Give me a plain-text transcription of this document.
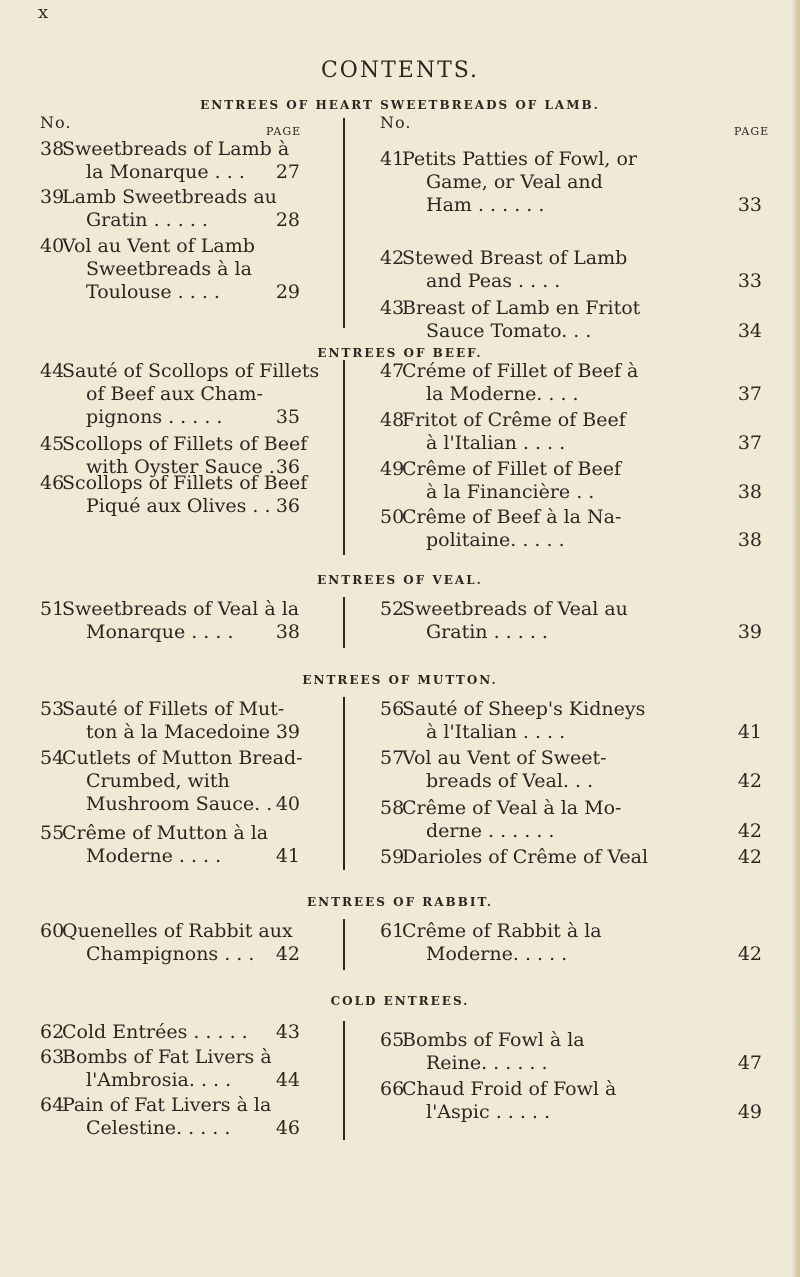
x
CONTENTS.
ENTREES OF HEART SWEETBREADS OF LAMB.
No.	PAGE	No.	PAGE
38
Sweetbreads of Lamb à
la Monarque . . .	27
39
Lamb Sweetbreads au
Gratin . . . . .	28
40
Vol au Vent of Lamb
Sweetbreads à la
Toulouse . . . .	29
41
Petits Patties of Fowl, or
Game, or Veal and
Ham . . . . . .	33
42
Stewed Breast of Lamb
and Peas . . . .	33
43
Breast of Lamb en Fritot
Sauce Tomato. . .	34
ENTREES OF BEEF.
44
Sauté of Scollops of Fillets
of Beef aux Cham-
pignons . . . . .	35
45
Scollops of Fillets of Beef
with Oyster Sauce . 36
46
Scollops of Fillets of Beef
Piqué aux Olives . . 36
47
Créme of Fillet of Beef à
la Moderne. . . .	37
48
Fritot of Crême of Beef
à l'Italian . . . .	37
49
Crême of Fillet of Beef
à la Financière . .	38
50
Crême of Beef à la Na-
politaine. . . . .	38
ENTREES OF VEAL.
51
Sweetbreads of Veal à la
Monarque . . . .	38
52
Sweetbreads of Veal au
Gratin . . . . .	39
ENTREES OF MUTTON.
53
Sauté of Fillets of Mut-
ton à la Macedoine .
39
54
Cutlets of Mutton Bread-
Crumbed, with
Mushroom Sauce. . 40
55
Crême of Mutton à la
Moderne . . . .	41
56
Sauté of Sheep's Kidneys
à l'Italian . . . .	41
57
Vol au Vent of Sweet-
breads of Veal. . .	42
58
Crême of Veal à la Mo-
derne . . . . . .	42
59
Darioles of Crême of Veal	42
ENTREES OF RABBIT.
60
Quenelles of Rabbit aux
Champignons . . .	42
61
Crême of Rabbit à la
Moderne. . . . .	42
COLD ENTREES.
62
Cold Entrées . . . . . 43
63
Bombs of Fat Livers à
l'Ambrosia. . . .	44
64
Pain of Fat Livers à la
Celestine. . . . .	46
65
Bombs of Fowl à la
Reine. . . . . .	47
66
Chaud Froid of Fowl à
l'Aspic . . . . .	49
